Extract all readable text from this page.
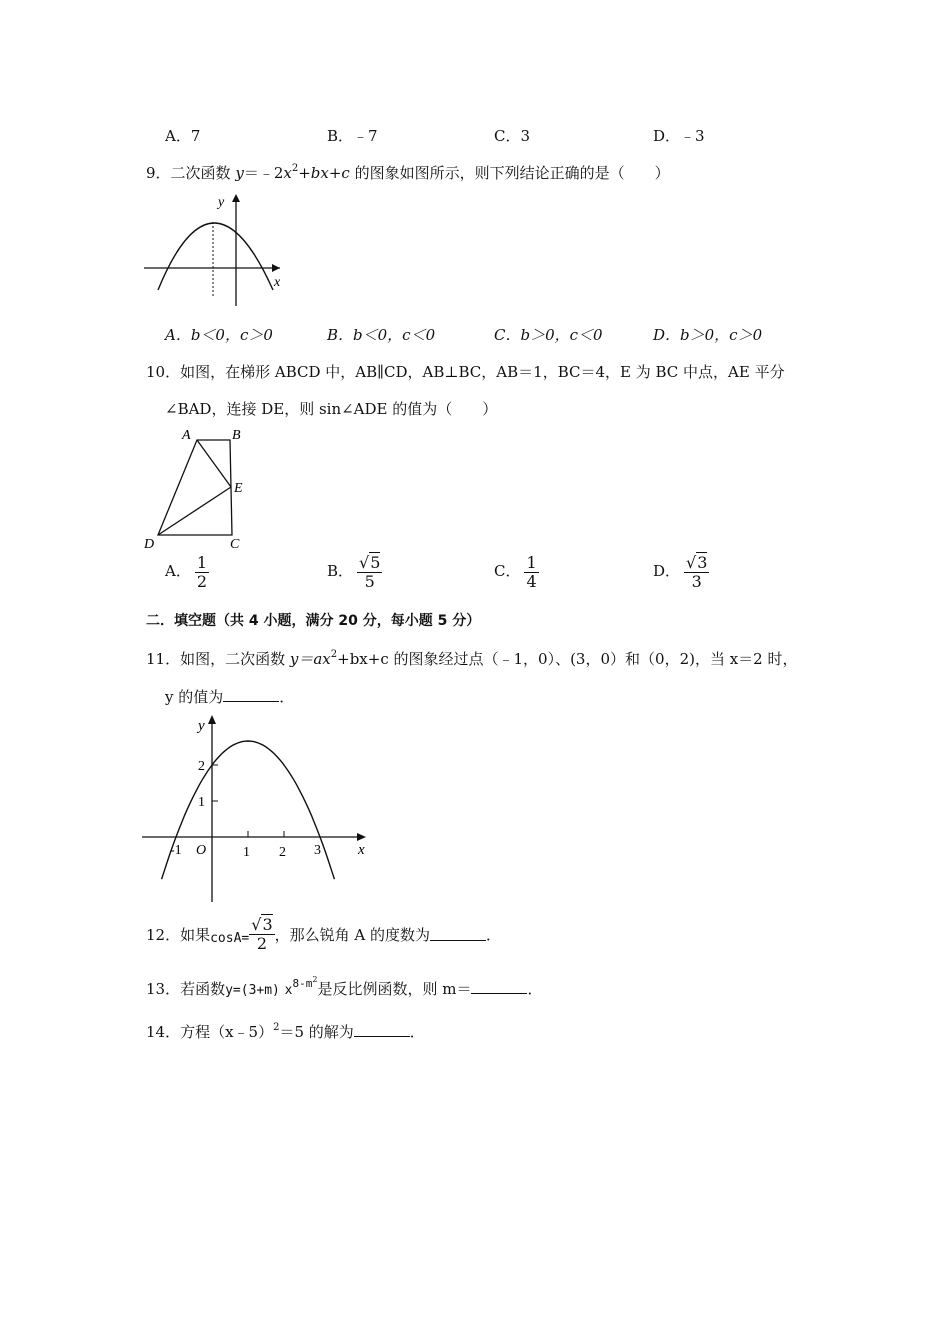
A．7	B．﹣7	C．3	D．﹣3
9．二次函数 $y=﹣2x^2+bx+c$ 的图象如图所示，则下列结论正确的是（　　）
x
y
A．b＜0，c＞0	B．b＜0，c＜0	C．b＞0，c＜0	D．b＞0，c＞0
10．如图，在梯形 ABCD 中，AB∥CD，AB⊥BC，AB＝1，BC＝4，E 为 BC 中点，AE 平分
∠BAD，连接 DE，则 sin∠ADE 的值为（　　）
A	B
E
D	C
A． $\frac{1}{2}$	B． $\frac{√5}{5}$	C． $\frac{1}{4}$	D． $\frac{√3}{3}$
二．填空题（共 4 小题，满分 20 分，每小题 5 分）
11．如图，二次函数 $y=ax^2+bx+c$ 的图象经过点（﹣1，0）、(3，0）和（0，2)，当 x＝2 时，
y 的值为	．
x
y
O
-1	1 2 3
1
2
12．如果 $\cos A= \frac{√3}{2}$ ，那么锐角 A 的度数为	．
13．若函数y=(3+m) $x^{8-m2}$是反比例函数，则 m＝	．
14．方程（x﹣5）$^2$＝5 的解为	．
